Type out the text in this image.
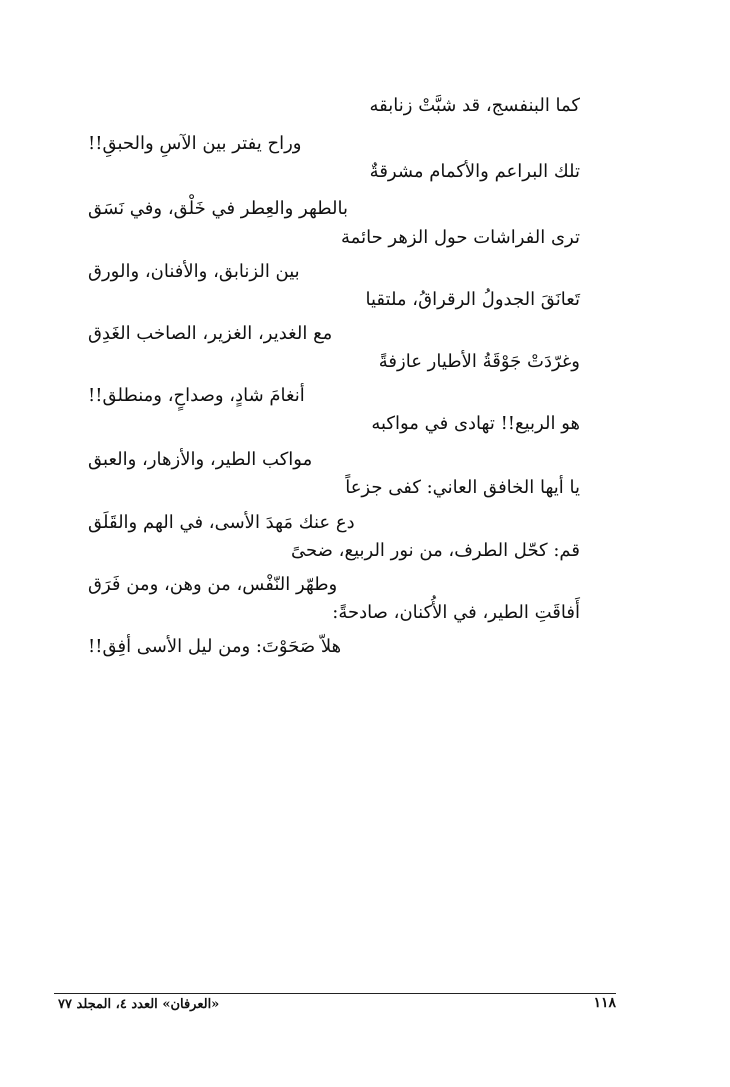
كما البنفسج، قد شبَّتْ زنابقه
وراح يفتر بين الآسِ والحبقِ!!
تلك البراعم والأكمام مشرقةٌ
بالطهر والعِطر في خَلْق، وفي نَسَق
ترى الفراشات حول الزهر حائمة
بين الزنابق، والأفنان، والورق
تَعانَقَ الجدولُ الرقراقُ، ملتقيا
مع الغدير، الغزير، الصاخب الغَدِق
وغرّدَتْ جَوْقَةُ الأطيار عازفةً
أنغامَ شادٍ، وصداحٍ، ومنطلق!!
هو الربيع!! تهادى في مواكبه
مواكب الطير، والأزهار، والعبق
يا أيها الخافق العاني: كفى جزعاً
دع عنك مَهدَ الأسى، في الهم والقَلَق
قم: كحّل الطرف، من نور الربيع، ضحىً
وطهّر النّفْس، من وهن، ومن فَرَق
أَفاقَتِ الطير، في الأُكنان، صادحةً:
هلاّ صَحَوْتَ: ومن ليل الأسى أفِق!!
«العرفان» العدد ٤، المجلد ٧٧	١١٨
